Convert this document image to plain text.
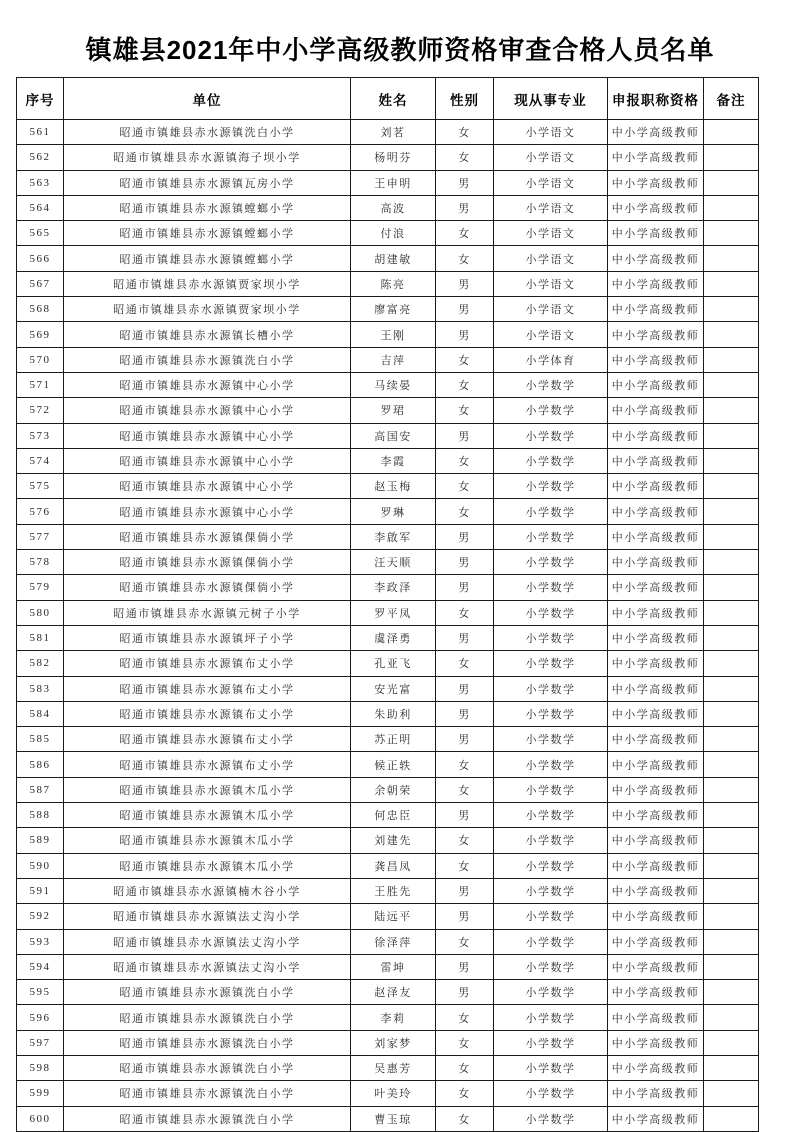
镇雄县2021年中小学高级教师资格审查合格人员名单
序号	单位	姓名	性别	现从事专业	申报职称资格	备注
561	昭通市镇雄县赤水源镇洗白小学	刘茗	女	小学语文	中小学高级教师	
562	昭通市镇雄县赤水源镇海子坝小学	杨明芬	女	小学语文	中小学高级教师	
563	昭通市镇雄县赤水源镇瓦房小学	王申明	男	小学语文	中小学高级教师	
564	昭通市镇雄县赤水源镇螳螂小学	高波	男	小学语文	中小学高级教师	
565	昭通市镇雄县赤水源镇螳螂小学	付浪	女	小学语文	中小学高级教师	
566	昭通市镇雄县赤水源镇螳螂小学	胡建敏	女	小学语文	中小学高级教师	
567	昭通市镇雄县赤水源镇贾家坝小学	陈亮	男	小学语文	中小学高级教师	
568	昭通市镇雄县赤水源镇贾家坝小学	廖富亮	男	小学语文	中小学高级教师	
569	昭通市镇雄县赤水源镇长槽小学	王刚	男	小学语文	中小学高级教师	
570	昭通市镇雄县赤水源镇洗白小学	吉萍	女	小学体育	中小学高级教师	
571	昭通市镇雄县赤水源镇中心小学	马续晏	女	小学数学	中小学高级教师	
572	昭通市镇雄县赤水源镇中心小学	罗珺	女	小学数学	中小学高级教师	
573	昭通市镇雄县赤水源镇中心小学	高国安	男	小学数学	中小学高级教师	
574	昭通市镇雄县赤水源镇中心小学	李霞	女	小学数学	中小学高级教师	
575	昭通市镇雄县赤水源镇中心小学	赵玉梅	女	小学数学	中小学高级教师	
576	昭通市镇雄县赤水源镇中心小学	罗琳	女	小学数学	中小学高级教师	
577	昭通市镇雄县赤水源镇倮倘小学	李啟军	男	小学数学	中小学高级教师	
578	昭通市镇雄县赤水源镇倮倘小学	汪天顺	男	小学数学	中小学高级教师	
579	昭通市镇雄县赤水源镇倮倘小学	李政泽	男	小学数学	中小学高级教师	
580	昭通市镇雄县赤水源镇元树子小学	罗平凤	女	小学数学	中小学高级教师	
581	昭通市镇雄县赤水源镇坪子小学	虞泽勇	男	小学数学	中小学高级教师	
582	昭通市镇雄县赤水源镇布丈小学	孔亚飞	女	小学数学	中小学高级教师	
583	昭通市镇雄县赤水源镇布丈小学	安光富	男	小学数学	中小学高级教师	
584	昭通市镇雄县赤水源镇布丈小学	朱助利	男	小学数学	中小学高级教师	
585	昭通市镇雄县赤水源镇布丈小学	苏正明	男	小学数学	中小学高级教师	
586	昭通市镇雄县赤水源镇布丈小学	候正轶	女	小学数学	中小学高级教师	
587	昭通市镇雄县赤水源镇木瓜小学	余朝荣	女	小学数学	中小学高级教师	
588	昭通市镇雄县赤水源镇木瓜小学	何忠臣	男	小学数学	中小学高级教师	
589	昭通市镇雄县赤水源镇木瓜小学	刘建先	女	小学数学	中小学高级教师	
590	昭通市镇雄县赤水源镇木瓜小学	龚昌凤	女	小学数学	中小学高级教师	
591	昭通市镇雄县赤水源镇楠木谷小学	王胜先	男	小学数学	中小学高级教师	
592	昭通市镇雄县赤水源镇法丈沟小学	陆远平	男	小学数学	中小学高级教师	
593	昭通市镇雄县赤水源镇法丈沟小学	徐泽萍	女	小学数学	中小学高级教师	
594	昭通市镇雄县赤水源镇法丈沟小学	雷坤	男	小学数学	中小学高级教师	
595	昭通市镇雄县赤水源镇洗白小学	赵泽友	男	小学数学	中小学高级教师	
596	昭通市镇雄县赤水源镇洗白小学	李莉	女	小学数学	中小学高级教师	
597	昭通市镇雄县赤水源镇洗白小学	刘家梦	女	小学数学	中小学高级教师	
598	昭通市镇雄县赤水源镇洗白小学	吴惠芳	女	小学数学	中小学高级教师	
599	昭通市镇雄县赤水源镇洗白小学	叶美玲	女	小学数学	中小学高级教师	
600	昭通市镇雄县赤水源镇洗白小学	曹玉琼	女	小学数学	中小学高级教师	
